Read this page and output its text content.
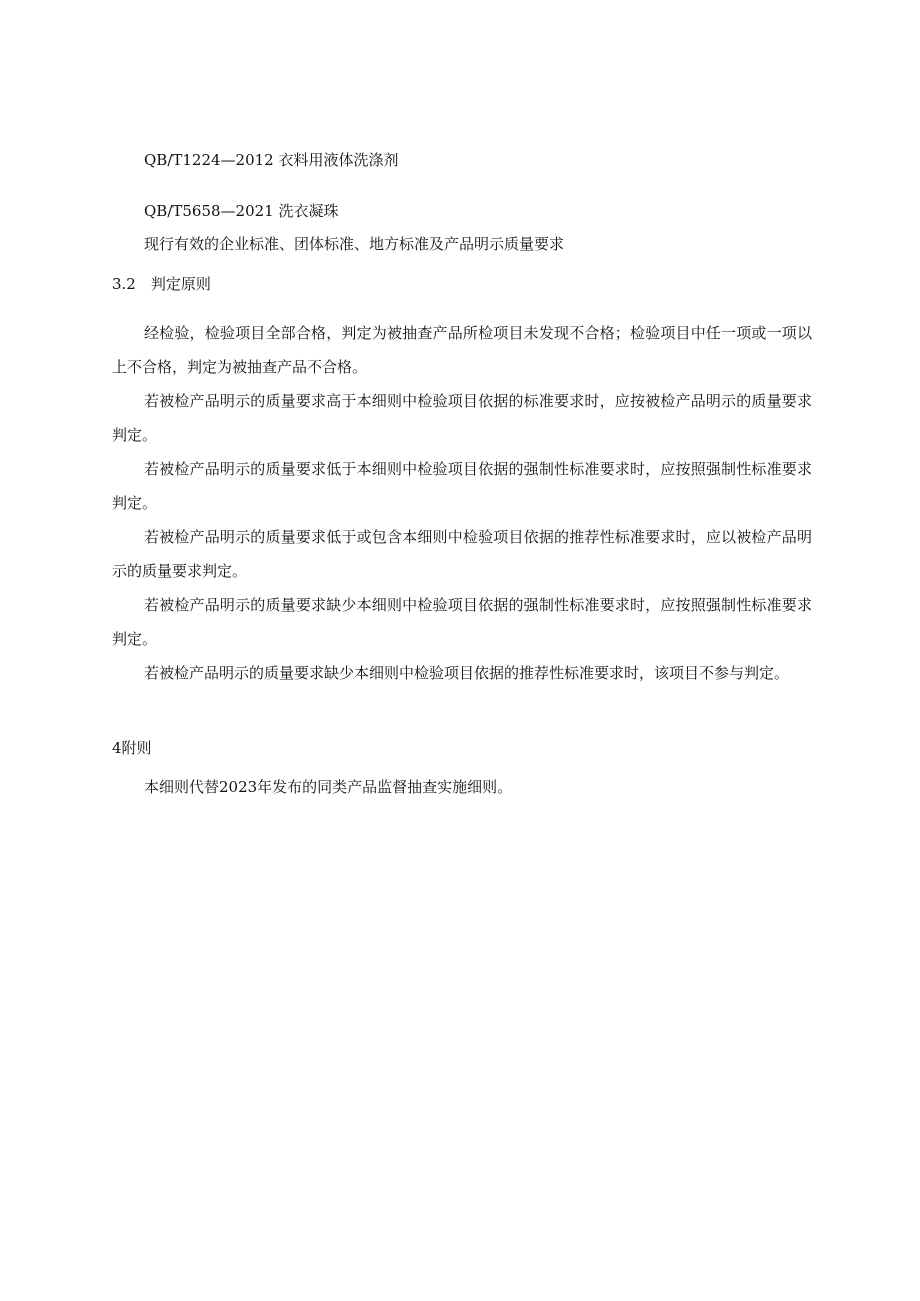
QB/T1224—2012 衣料用液体洗涤剂
QB/T5658—2021 洗衣凝珠
现行有效的企业标准、团体标准、地方标准及产品明示质量要求
3.2　判定原则
经检验，检验项目全部合格，判定为被抽查产品所检项目未发现不合格；检验项目中任一项或一项以上不合格，判定为被抽查产品不合格。
若被检产品明示的质量要求高于本细则中检验项目依据的标准要求时，应按被检产品明示的质量要求判定。
若被检产品明示的质量要求低于本细则中检验项目依据的强制性标准要求时，应按照强制性标准要求判定。
若被检产品明示的质量要求低于或包含本细则中检验项目依据的推荐性标准要求时，应以被检产品明示的质量要求判定。
若被检产品明示的质量要求缺少本细则中检验项目依据的强制性标准要求时，应按照强制性标准要求判定。
若被检产品明示的质量要求缺少本细则中检验项目依据的推荐性标准要求时，该项目不参与判定。
4附则
本细则代替2023年发布的同类产品监督抽查实施细则。
